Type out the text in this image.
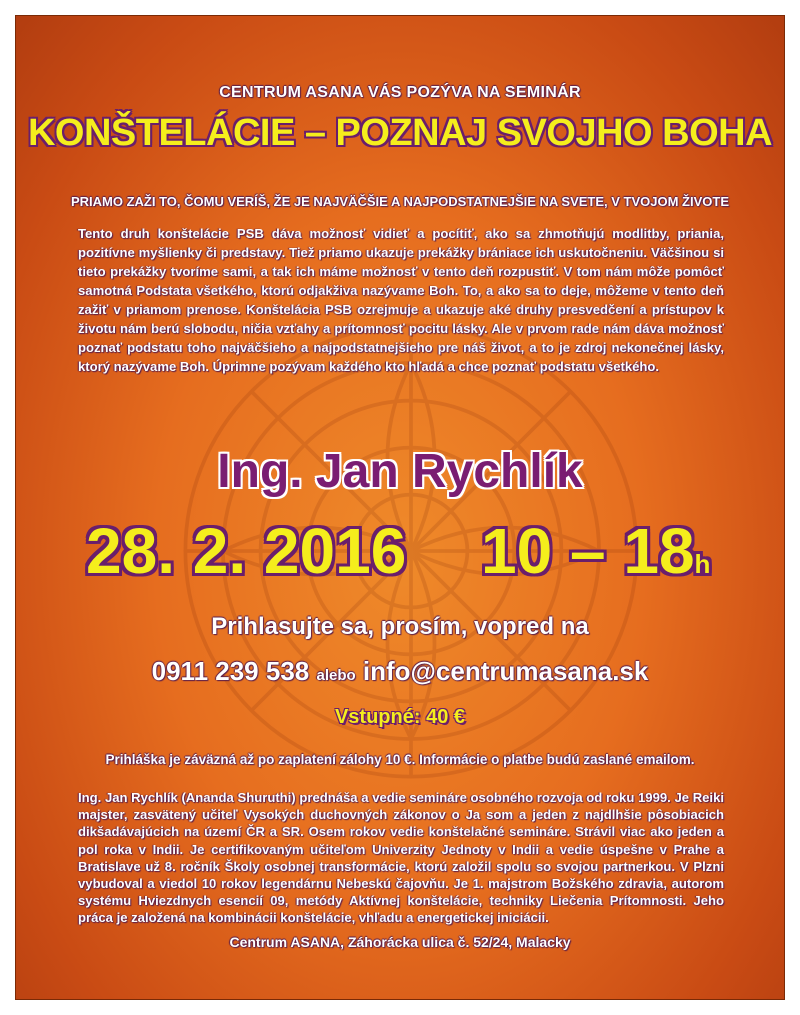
CENTRUM ASANA VÁS POZÝVA NA SEMINÁR
KONŠTELÁCIE – POZNAJ SVOJHO BOHA
PRIAMO ZAŽI TO, ČOMU VERÍŠ, ŽE JE NAJVÄČŠIE A NAJPODSTATNEJŠIE NA SVETE, V TVOJOM ŽIVOTE
Tento druh konštelácie PSB dáva možnosť vidieť a pocítiť, ako sa zhmotňujú modlitby, priania, pozitívne myšlienky či predstavy. Tiež priamo ukazuje prekážky brániace ich uskutočneniu. Väčšinou si tieto prekážky tvoríme sami, a tak ich máme možnosť v tento deň rozpustiť. V tom nám môže pomôcť samotná Podstata všetkého, ktorú odjakživa nazývame Boh. To, a ako sa to deje, môžeme v tento deň zažiť v priamom prenose. Konštelácia PSB ozrejmuje a ukazuje aké druhy presvedčení a prístupov k životu nám berú slobodu, ničia vzťahy a prítomnosť pocitu lásky. Ale v prvom rade nám dáva možnosť poznať podstatu toho najväčšieho a najpodstatnejšieho pre náš život, a to je zdroj nekonečnej lásky, ktorý nazývame Boh. Úprimne pozývam každého kto hľadá a chce poznať podstatu všetkého.
Ing. Jan Rychlík
28. 2. 2016 10 – 18h
Prihlasujte sa, prosím, vopred na
0911 239 538 alebo info@centrumasana.sk
Vstupné: 40 €
Prihláška je záväzná až po zaplatení zálohy 10 €. Informácie o platbe budú zaslané emailom.
Ing. Jan Rychlík (Ananda Shuruthi) prednáša a vedie semináre osobného rozvoja od roku 1999. Je Reiki majster, zasvätený učiteľ Vysokých duchovných zákonov o Ja som a jeden z najdlhšie pôsobiacich dikšadávajúcich na území ČR a SR. Osem rokov vedie konštelačné semináre. Strávil viac ako jeden a pol roka v Indii. Je certifikovaným učiteľom Univerzity Jednoty v Indii a vedie úspešne v Prahe a Bratislave už 8. ročník Školy osobnej transformácie, ktorú založil spolu so svojou partnerkou. V Plzni vybudoval a viedol 10 rokov legendárnu Nebeskú čajovňu. Je 1. majstrom Božského zdravia, autorom systému Hviezdnych esencií 09, metódy Aktívnej konštelácie, techniky Liečenia Prítomnosti. Jeho práca je založená na kombinácii konštelácie, vhľadu a energetickej iniciácii.
Centrum ASANA, Záhorácka ulica č. 52/24, Malacky
